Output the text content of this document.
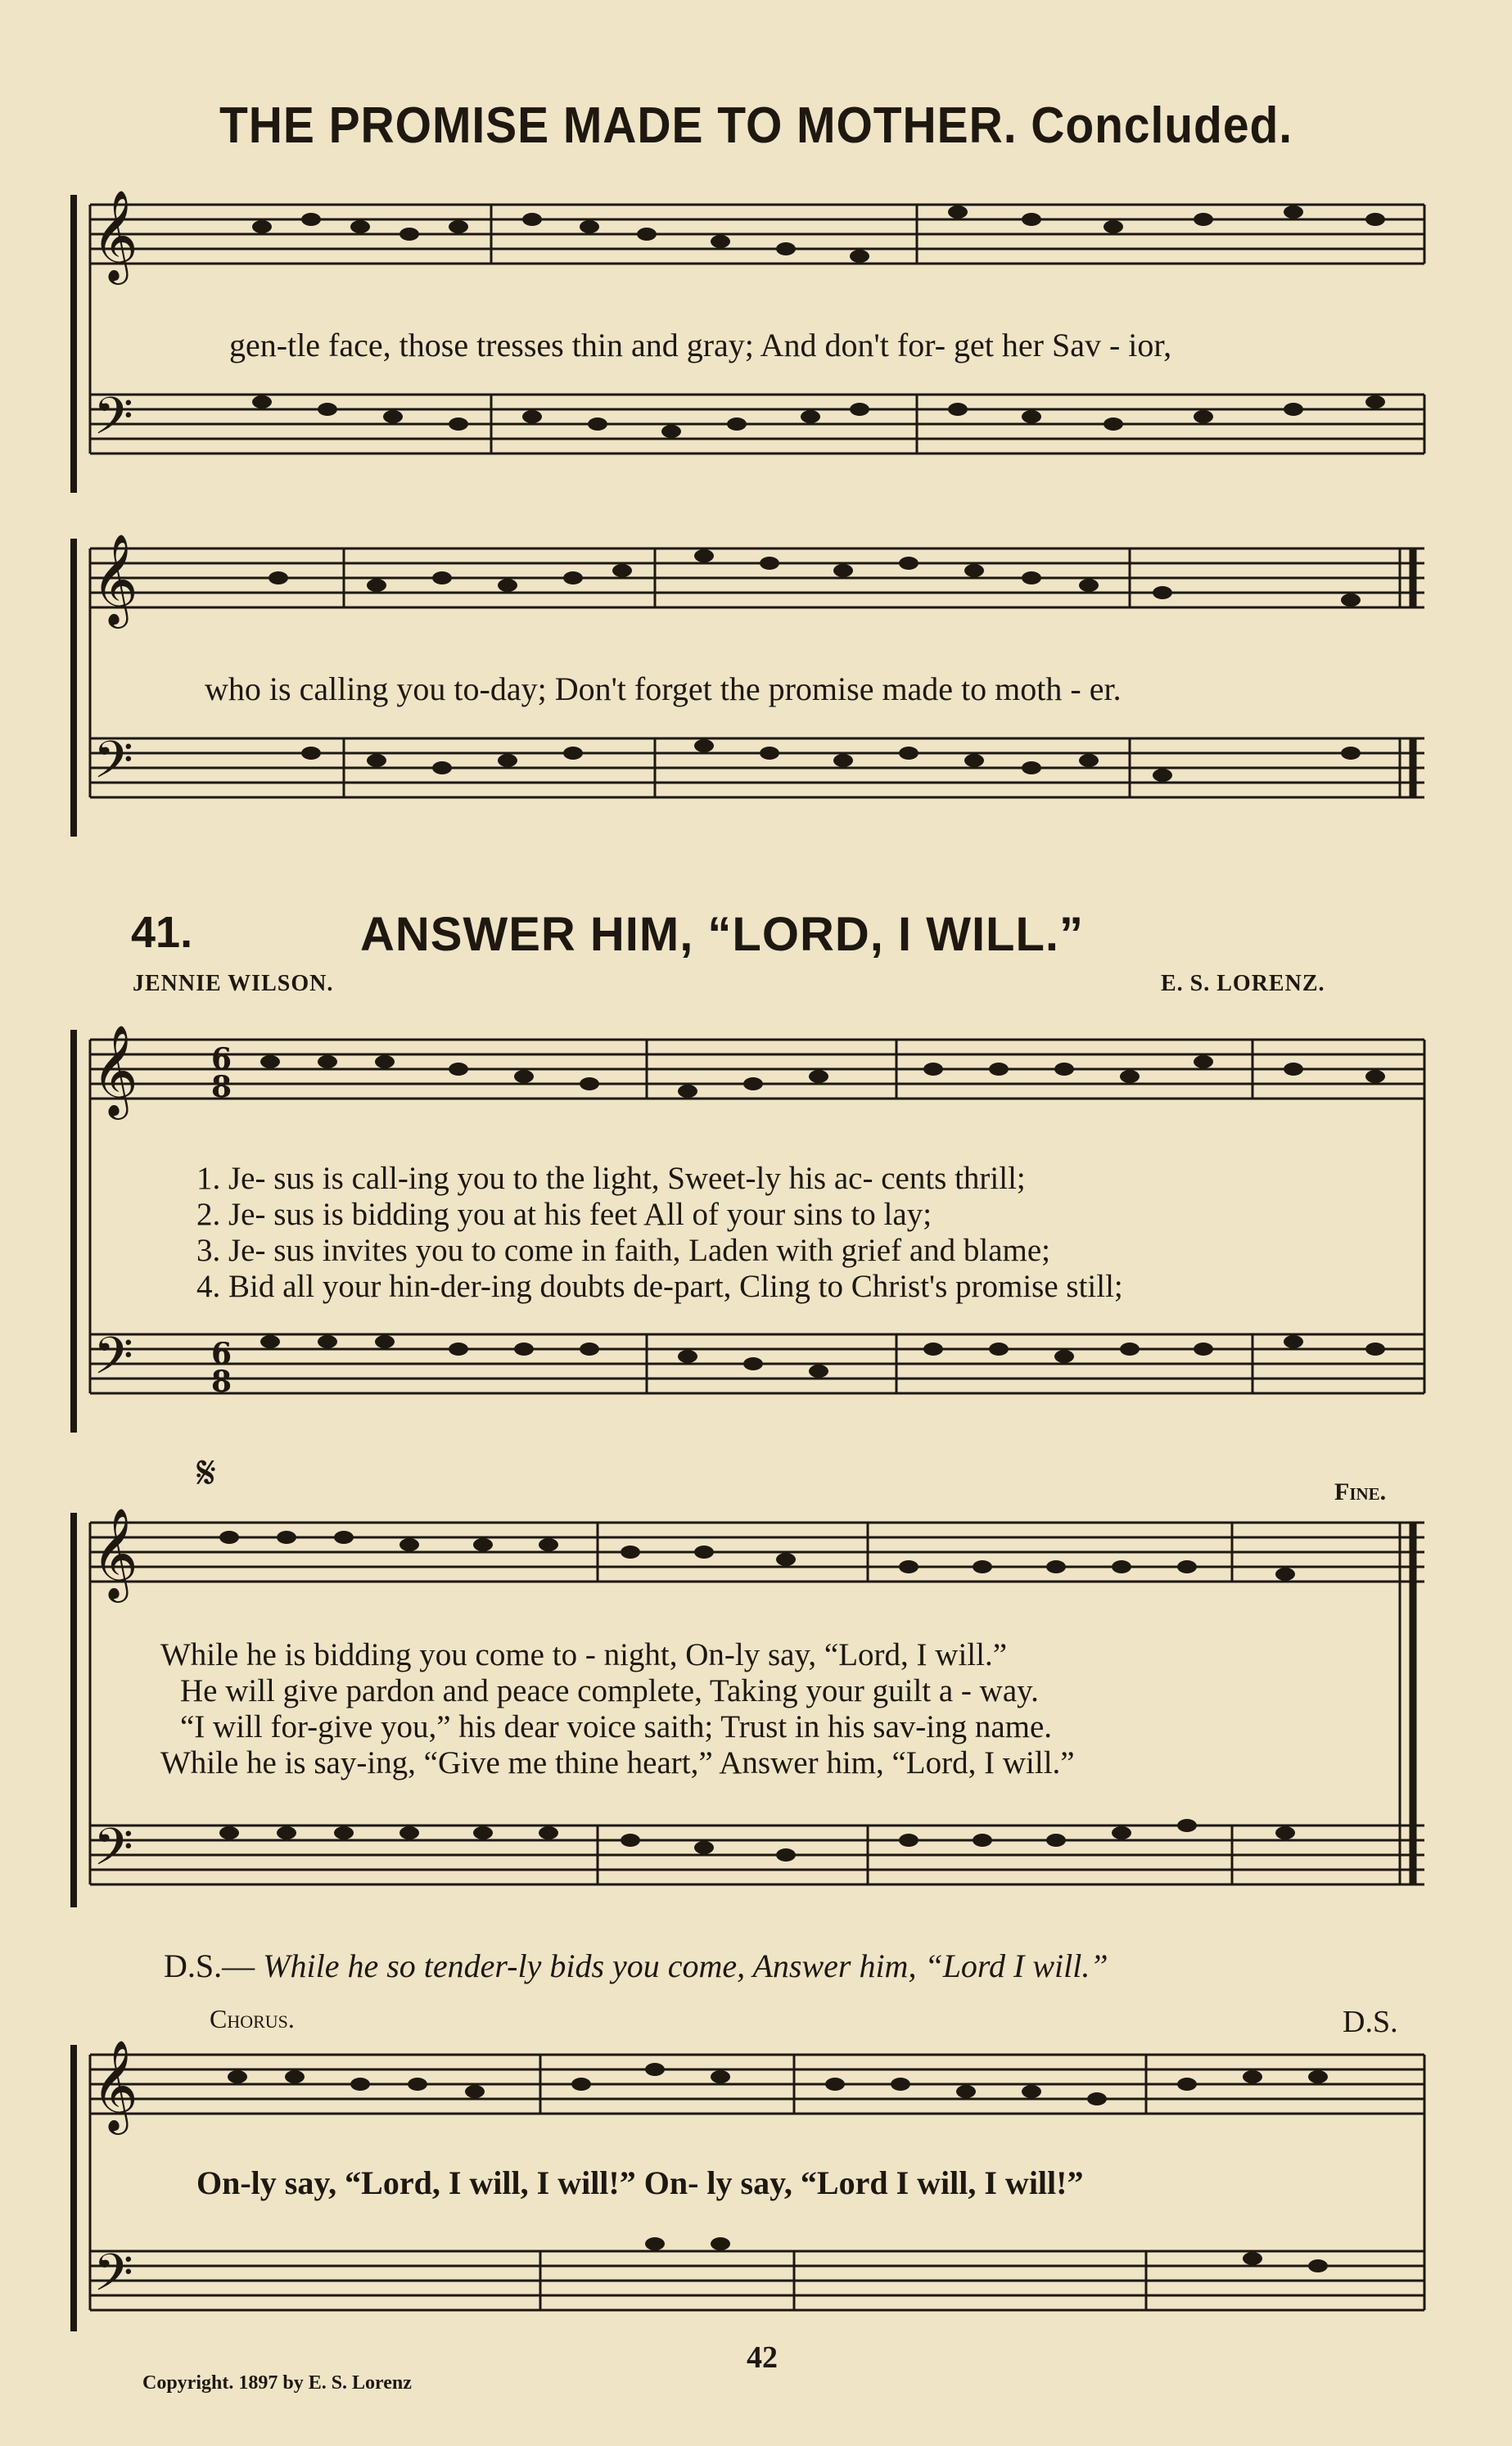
THE PROMISE MADE TO MOTHER. Concluded.
𝄞
𝄢
gen-tle face, those tresses thin and gray; And don't for- get her Sav - ior,
𝄞
𝄢
who is calling you to-day; Don't forget the promise made to moth - er.
41.	ANSWER HIM, “LORD, I WILL.”
JENNIE WILSON.	E. S. LORENZ.
𝄞
𝄢
6
8
6
8
1. Je- sus is call-ing you to the light, Sweet-ly his ac- cents thrill;
2. Je- sus is bidding you at his feet All of your sins to lay;
3. Je- sus invites you to come in faith, Laden with grief and blame;
4. Bid all your hin-der-ing doubts de-part, Cling to Christ's promise still;
Fine.
𝄞
𝄢
𝄋
While he is bidding you come to - night, On-ly say, “Lord, I will.”
He will give pardon and peace complete, Taking your guilt a - way.
“I will for-give you,” his dear voice saith; Trust in his sav-ing name.
While he is say-ing, “Give me thine heart,” Answer him, “Lord, I will.”
D.S.— While he so tender-ly bids you come, Answer him, “Lord I will.”
Chorus.	D.S.
𝄞
𝄢
On-ly say, “Lord, I will, I will!” On- ly say, “Lord I will, I will!”
Copyright. 1897 by E. S. Lorenz
42
